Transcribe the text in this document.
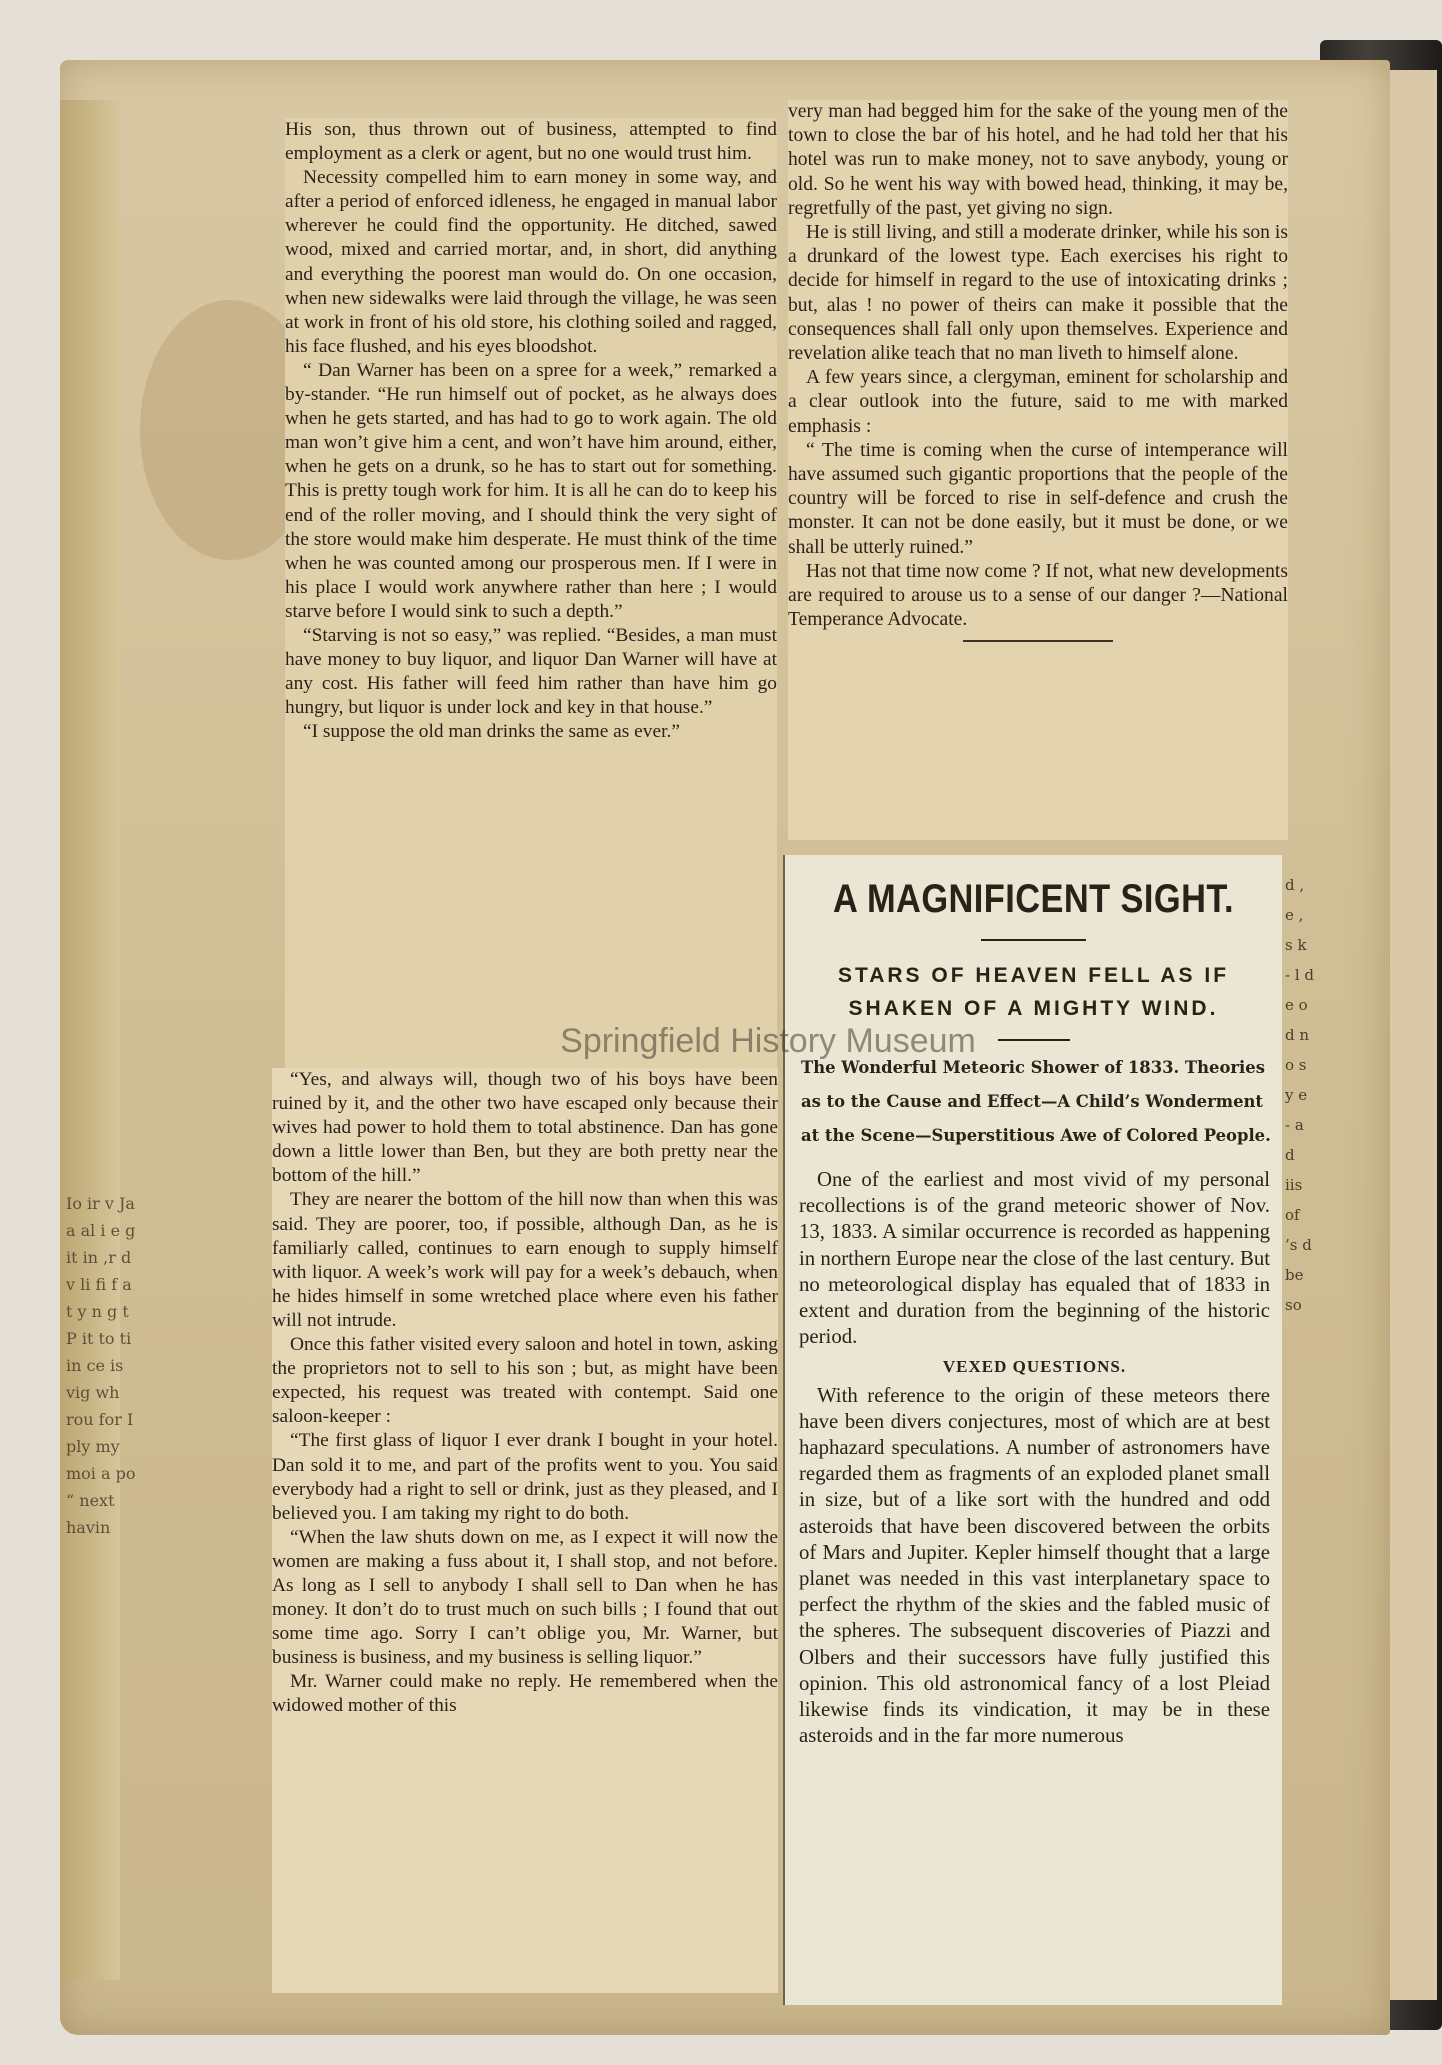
Io ir v Ja a al i e g it in ,r d v li fi f a t y n g t P it to ti in ce is vig wh rou for I ply my moi a po “ next havin
d , e , s k - l d e o d n o s y e - a d iis of ’s d be so

His son, thus thrown out of business, attempted to find employment as a clerk or agent, but no one would trust him.

Necessity compelled him to earn money in some way, and after a period of enforced idleness, he engaged in manual labor wherever he could find the opportunity. He ditched, sawed wood, mixed and carried mortar, and, in short, did anything and everything the poorest man would do. On one occasion, when new sidewalks were laid through the village, he was seen at work in front of his old store, his clothing soiled and ragged, his face flushed, and his eyes bloodshot.

“ Dan Warner has been on a spree for a week,” remarked a by-stander. “He run himself out of pocket, as he always does when he gets started, and has had to go to work again. The old man won’t give him a cent, and won’t have him around, either, when he gets on a drunk, so he has to start out for something. This is pretty tough work for him. It is all he can do to keep his end of the roller moving, and I should think the very sight of the store would make him desperate. He must think of the time when he was counted among our prosperous men. If I were in his place I would work anywhere rather than here ; I would starve before I would sink to such a depth.”

“Starving is not so easy,” was replied. “Besides, a man must have money to buy liquor, and liquor Dan Warner will have at any cost. His father will feed him rather than have him go hungry, but liquor is under lock and key in that house.”

“I suppose the old man drinks the same as ever.”

“Yes, and always will, though two of his boys have been ruined by it, and the other two have escaped only because their wives had power to hold them to total abstinence. Dan has gone down a little lower than Ben, but they are both pretty near the bottom of the hill.”

They are nearer the bottom of the hill now than when this was said. They are poorer, too, if possible, although Dan, as he is familiarly called, continues to earn enough to supply himself with liquor. A week’s work will pay for a week’s debauch, when he hides himself in some wretched place where even his father will not intrude.

Once this father visited every saloon and hotel in town, asking the proprietors not to sell to his son ; but, as might have been expected, his request was treated with contempt. Said one saloon-keeper :

“The first glass of liquor I ever drank I bought in your hotel. Dan sold it to me, and part of the profits went to you. You said everybody had a right to sell or drink, just as they pleased, and I believed you. I am taking my right to do both.

“When the law shuts down on me, as I expect it will now the women are making a fuss about it, I shall stop, and not before. As long as I sell to anybody I shall sell to Dan when he has money. It don’t do to trust much on such bills ; I found that out some time ago. Sorry I can’t oblige you, Mr. Warner, but business is business, and my business is selling liquor.”

Mr. Warner could make no reply. He remembered when the widowed mother of this

very man had begged him for the sake of the young men of the town to close the bar of his hotel, and he had told her that his hotel was run to make money, not to save anybody, young or old. So he went his way with bowed head, thinking, it may be, regretfully of the past, yet giving no sign.

He is still living, and still a moderate drinker, while his son is a drunkard of the lowest type. Each exercises his right to decide for himself in regard to the use of intoxicating drinks ; but, alas ! no power of theirs can make it possible that the consequences shall fall only upon themselves. Experience and revelation alike teach that no man liveth to himself alone.

A few years since, a clergyman, eminent for scholarship and a clear outlook into the future, said to me with marked emphasis :

“ The time is coming when the curse of intemperance will have assumed such gigantic proportions that the people of the country will be forced to rise in self-defence and crush the monster. It can not be done easily, but it must be done, or we shall be utterly ruined.”

Has not that time now come ? If not, what new developments are required to arouse us to a sense of our danger ?—National Temperance Advocate.

A MAGNIFICENT SIGHT.
STARS OF HEAVEN FELL AS IF SHAKEN OF A MIGHTY WIND.

The Wonderful Meteoric Shower of 1833. Theories as to the Cause and Effect—A Child’s Wonderment at the Scene—Superstitious Awe of Colored People.

One of the earliest and most vivid of my personal recollections is of the grand meteoric shower of Nov. 13, 1833. A similar occurrence is recorded as happening in northern Europe near the close of the last century. But no meteorological display has equaled that of 1833 in extent and duration from the beginning of the historic period.

VEXED QUESTIONS.

With reference to the origin of these meteors there have been divers conjectures, most of which are at best haphazard speculations. A number of astronomers have regarded them as fragments of an exploded planet small in size, but of a like sort with the hundred and odd asteroids that have been discovered between the orbits of Mars and Jupiter. Kepler himself thought that a large planet was needed in this vast interplanetary space to perfect the rhythm of the skies and the fabled music of the spheres. The subsequent discoveries of Piazzi and Olbers and their successors have fully justified this opinion. This old astronomical fancy of a lost Pleiad likewise finds its vindication, it may be in these asteroids and in the far more numerous

Springfield History Museum
